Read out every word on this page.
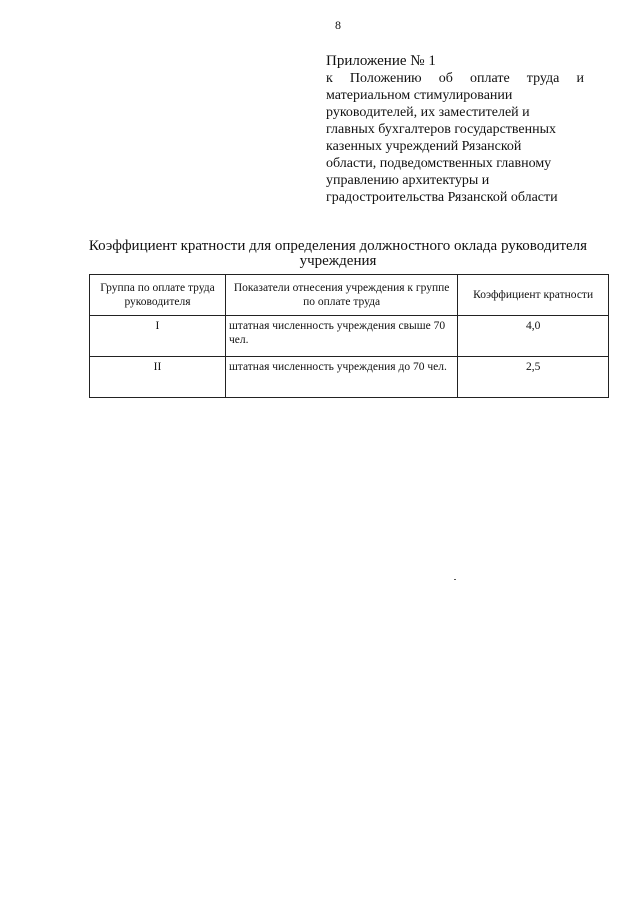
8
Приложение № 1
к Положению об оплате труда и
материальном стимулировании
руководителей, их заместителей и
главных бухгалтеров государственных
казенных учреждений Рязанской
области, подведомственных главному
управлению архитектуры и
градостроительства Рязанской области
Коэффициент кратности для определения должностного оклада руководителя учреждения
Группа по оплате труда руководителя	Показатели отнесения учреждения к группе по оплате труда	Коэффициент кратности
I	штатная численность учреждения свыше 70 чел.	4,0
II	штатная численность учреждения до 70 чел.	2,5
